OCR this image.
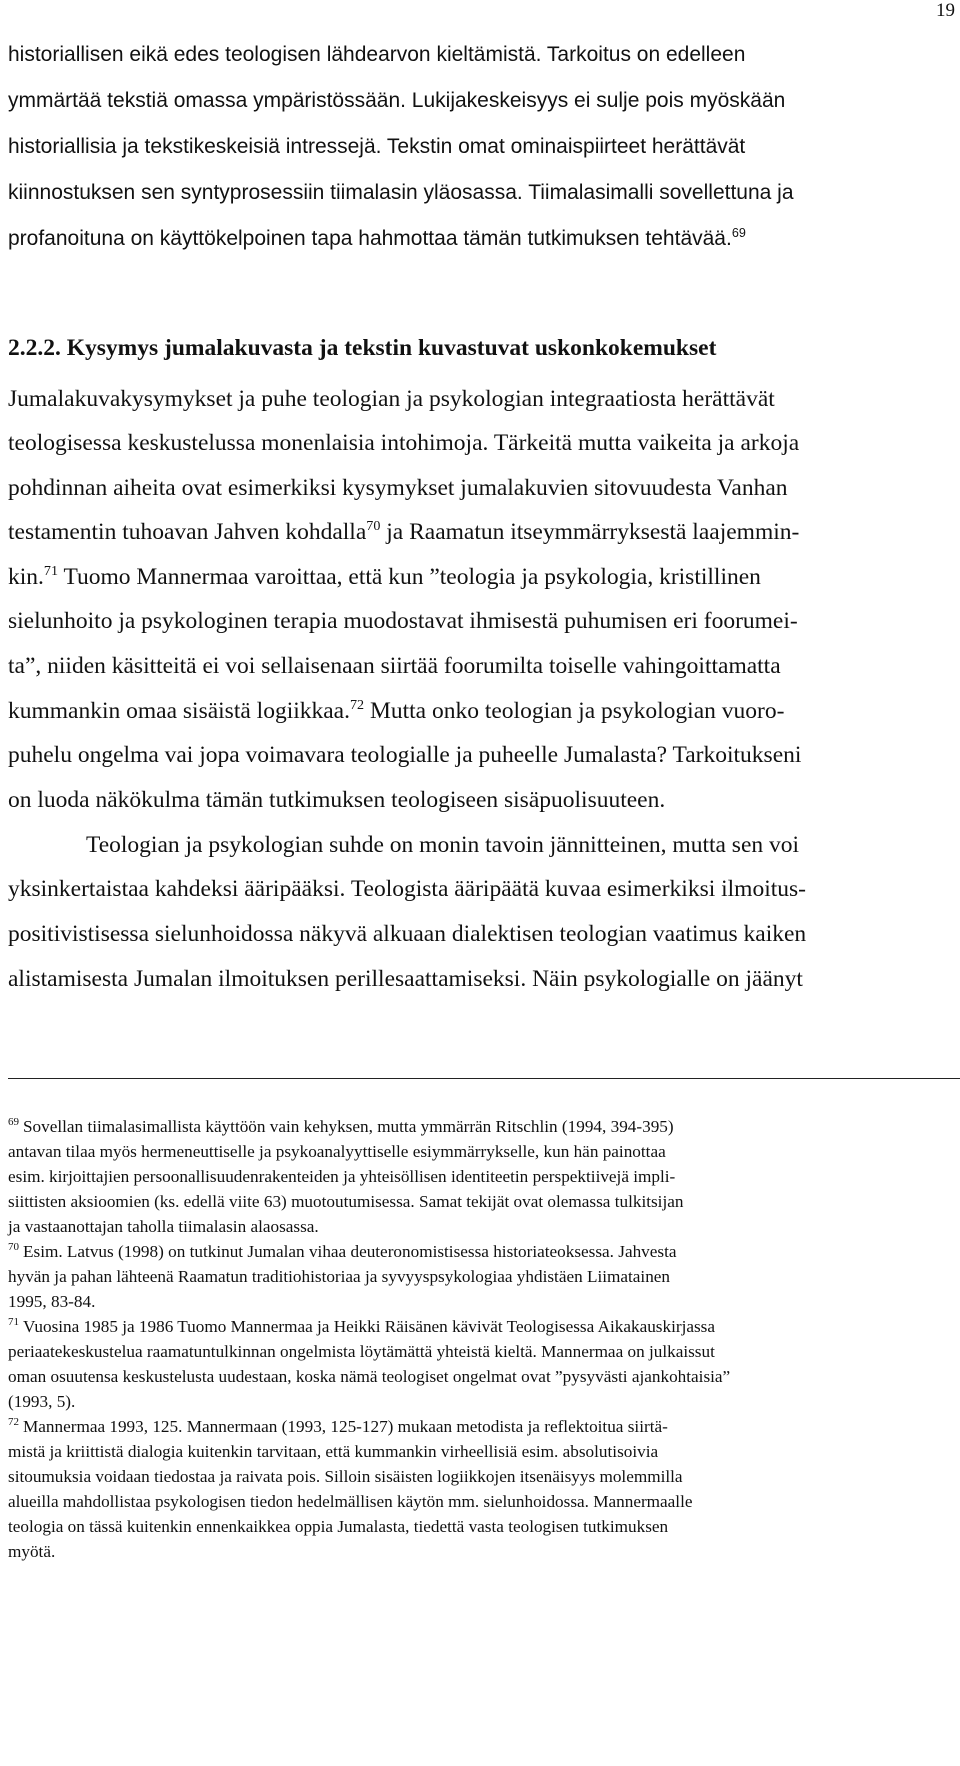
19
historiallisen eikä edes teologisen lähdearvon kieltämistä. Tarkoitus on edelleen
ymmärtää tekstiä omassa ympäristössään. Lukijakeskeisyys ei sulje pois myöskään
historiallisia ja tekstikeskeisiä intressejä. Tekstin omat ominaispiirteet herättävät
kiinnostuksen sen syntyprosessiin tiimalasin yläosassa. Tiimalasimalli sovellettuna ja
profanoituna on käyttökelpoinen tapa hahmottaa tämän tutkimuksen tehtävää.$^{69}$
2.2.2. Kysymys jumalakuvasta ja tekstin kuvastuvat uskonkokemukset
Jumalakuvakysymykset ja puhe teologian ja psykologian integraatiosta herättävät
teologisessa keskustelussa monenlaisia intohimoja. Tärkeitä mutta vaikeita ja arkoja
pohdinnan aiheita ovat esimerkiksi kysymykset jumalakuvien sitovuudesta Vanhan
testamentin tuhoavan Jahven kohdalla$^{70}$ ja Raamatun itseymmärryksestä laajemmin-
kin.$^{71}$ Tuomo Mannermaa varoittaa, että kun ”teologia ja psykologia, kristillinen
sielunhoito ja psykologinen terapia muodostavat ihmisestä puhumisen eri foorumei-
ta”, niiden käsitteitä ei voi sellaisenaan siirtää foorumilta toiselle vahingoittamatta
kummankin omaa sisäistä logiikkaa.$^{72}$ Mutta onko teologian ja psykologian vuoro-
puhelu ongelma vai jopa voimavara teologialle ja puheelle Jumalasta? Tarkoitukseni
on luoda näkökulma tämän tutkimuksen teologiseen sisäpuolisuuteen.
Teologian ja psykologian suhde on monin tavoin jännitteinen, mutta sen voi
yksinkertaistaa kahdeksi ääripääksi. Teologista ääripäätä kuvaa esimerkiksi ilmoitus-
positivistisessa sielunhoidossa näkyvä alkuaan dialektisen teologian vaatimus kaiken
alistamisesta Jumalan ilmoituksen perillesaattamiseksi. Näin psykologialle on jäänyt
$^{69}$ Sovellan tiimalasimallista käyttöön vain kehyksen, mutta ymmärrän Ritschlin (1994, 394-395)
antavan tilaa myös hermeneuttiselle ja psykoanalyyttiselle esiymmärrykselle, kun hän painottaa
esim. kirjoittajien persoonallisuudenrakenteiden ja yhteisöllisen identiteetin perspektiivejä impli-
siittisten aksioomien (ks. edellä viite 63) muotoutumisessa. Samat tekijät ovat olemassa tulkitsijan
ja vastaanottajan taholla tiimalasin alaosassa.
$^{70}$ Esim. Latvus (1998) on tutkinut Jumalan vihaa deuteronomistisessa historiateoksessa. Jahvesta
hyvän ja pahan lähteenä Raamatun traditiohistoriaa ja syvyyspsykologiaa yhdistäen Liimatainen
1995, 83-84.
$^{71}$ Vuosina 1985 ja 1986 Tuomo Mannermaa ja Heikki Räisänen kävivät Teologisessa Aikakauskirjassa
periaatekeskustelua raamatuntulkinnan ongelmista löytämättä yhteistä kieltä. Mannermaa on julkaissut
oman osuutensa keskustelusta uudestaan, koska nämä teologiset ongelmat ovat ”pysyvästi ajankohtaisia”
(1993, 5).
$^{72}$ Mannermaa 1993, 125. Mannermaan (1993, 125-127) mukaan metodista ja reflektoitua siirtä-
mistä ja kriittistä dialogia kuitenkin tarvitaan, että kummankin virheellisiä esim. absolutisoivia
sitoumuksia voidaan tiedostaa ja raivata pois. Silloin sisäisten logiikkojen itsenäisyys molemmilla
alueilla mahdollistaa psykologisen tiedon hedelmällisen käytön mm. sielunhoidossa. Mannermaalle
teologia on tässä kuitenkin ennenkaikkea oppia Jumalasta, tiedettä vasta teologisen tutkimuksen
myötä.
